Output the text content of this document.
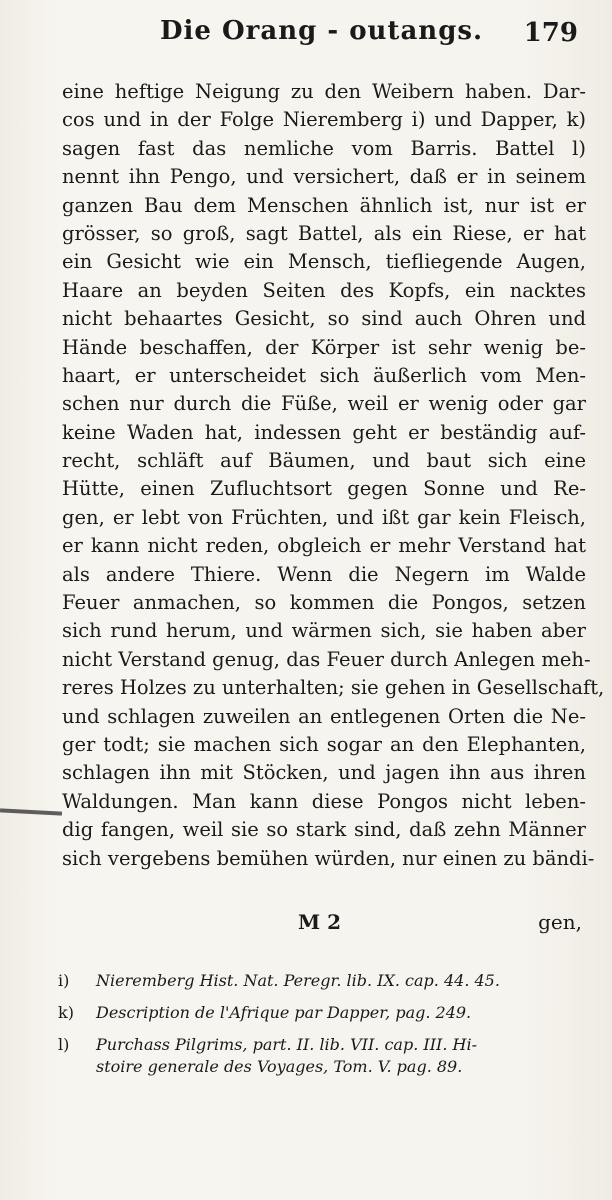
Die Orang - outangs. 179
eine heftige Neigung zu den Weibern haben. Dar-
cos und in der Folge Nieremberg i) und Dapper, k)
sagen fast das nemliche vom Barris. Battel l)
nennt ihn Pengo, und versichert, daß er in seinem
ganzen Bau dem Menschen ähnlich ist, nur ist er
grösser, so groß, sagt Battel, als ein Riese, er hat
ein Gesicht wie ein Mensch, tiefliegende Augen,
Haare an beyden Seiten des Kopfs, ein nacktes
nicht behaartes Gesicht, so sind auch Ohren und
Hände beschaffen, der Körper ist sehr wenig be-
haart, er unterscheidet sich äußerlich vom Men-
schen nur durch die Füße, weil er wenig oder gar
keine Waden hat, indessen geht er beständig auf-
recht, schläft auf Bäumen, und baut sich eine
Hütte, einen Zufluchtsort gegen Sonne und Re-
gen, er lebt von Früchten, und ißt gar kein Fleisch,
er kann nicht reden, obgleich er mehr Verstand hat
als andere Thiere. Wenn die Negern im Walde
Feuer anmachen, so kommen die Pongos, setzen
sich rund herum, und wärmen sich, sie haben aber
nicht Verstand genug, das Feuer durch Anlegen meh-
reres Holzes zu unterhalten; sie gehen in Gesellschaft,
und schlagen zuweilen an entlegenen Orten die Ne-
ger todt; sie machen sich sogar an den Elephanten,
schlagen ihn mit Stöcken, und jagen ihn aus ihren
Waldungen. Man kann diese Pongos nicht leben-
dig fangen, weil sie so stark sind, daß zehn Männer
sich vergebens bemühen würden, nur einen zu bändi-
M 2	gen,
i)	Nieremberg Hist. Nat. Peregr. lib. IX. cap. 44. 45.
k)	Description de l'Afrique par Dapper, pag. 249.
l)	Purchass Pilgrims, part. II. lib. VII. cap. III. Hi-
stoire generale des Voyages, Tom. V. pag. 89.
